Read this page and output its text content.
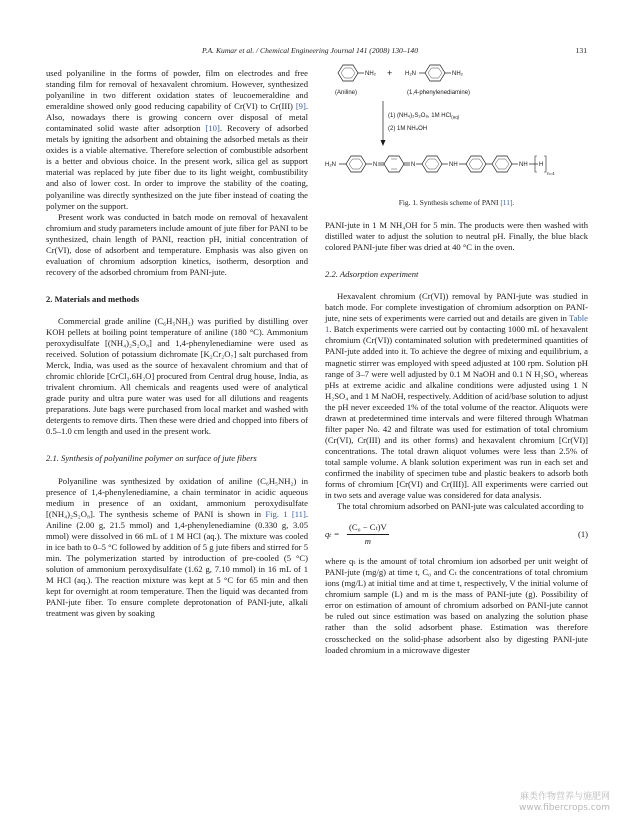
P.A. Kumar et al. / Chemical Engineering Journal 141 (2008) 130–140	131

used polyaniline in the forms of powder, film on electrodes and free standing film for removal of hexavalent chromium. However, synthesized polyaniline in two different oxidation states of leucoemeraldine and emeraldine showed only good reducing capability of Cr(VI) to Cr(III) [9]. Also, nowadays there is growing concern over disposal of metal contaminated solid waste after adsorption [10]. Recovery of adsorbed metals by igniting the adsorbent and obtaining the adsorbed metals as their oxides is a viable alternative. Therefore selection of combustible adsorbent is a better and obvious choice. In the present work, silica gel as support material was replaced by jute fiber due to its light weight, combustibility and also of lower cost. In order to improve the stability of the coating, polyaniline was directly synthesized on the jute fiber instead of coating the polymer on the support.

Present work was conducted in batch mode on removal of hexavalent chromium and study parameters include amount of jute fiber for PANI to be synthesized, chain length of PANI, reaction pH, initial concentration of Cr(VI), dose of adsorbent and temperature. Emphasis was also given on evaluation of chromium adsorption kinetics, isotherm, desorption and recovery of the adsorbed chromium from PANI-jute.

2. Materials and methods

Commercial grade aniline (C₆H₅NH₂) was purified by distilling over KOH pellets at boiling point temperature of aniline (180 °C). Ammonium peroxydisulfate [(NH₄)₂S₂O₈] and 1,4-phenylenediamine were used as received. Solution of potassium dichromate [K₂Cr₂O₇] salt purchased from Merck, India, was used as the source of hexavalent chromium and that of chromic chloride [CrCl₃.6H₂O] procured from Central drug house, India, as trivalent chromium. All chemicals and reagents used were of analytical grade purity and ultra pure water was used for all dilutions and reagents preparations. Jute bags were purchased from local market and washed with detergents to remove dirts. Then these were dried and chopped into fibers of 0.5–1.0 cm length and used in the present work.

2.1. Synthesis of polyaniline polymer on surface of jute fibers

Polyaniline was synthesized by oxidation of aniline (C₆H₅NH₂) in presence of 1,4-phenylenediamine, a chain terminator in acidic aqueous medium in presence of an oxidant, ammonium peroxydisulfate [(NH₄)₂S₂O₈]. The synthesis scheme of PANI is shown in Fig. 1 [11]. Aniline (2.00 g, 21.5 mmol) and 1,4-phenylenediamine (0.330 g, 3.05 mmol) were dissolved in 66 mL of 1 M HCl (aq.). The mixture was cooled in ice bath to 0–5 °C followed by addition of 5 g jute fibers and stirred for 5 min. The polymerization started by introduction of pre-cooled (5 °C) solution of ammonium peroxydisulfate (1.62 g, 7.10 mmol) in 16 mL of 1 M HCl (aq.). The reaction mixture was kept at 5 °C for 65 min and then kept for overnight at room temperature. Then the liquid was decanted from PANI-jute fiber. To ensure complete deprotonation of PANI-jute, alkali treatment was given by soaking

NH₂ + H₂N	NH₂
(Aniline)	(1,4-phenylenediamine)
(1) (NH₄)₂S₂O₈, 1M HCl$_{(aq)}$
(2) 1M NH₄OH
H₂N	N	N	NH	NH H
n=4
Fig. 1. Synthesis scheme of PANI [11].

PANI-jute in 1 M NH₄OH for 5 min. The products were then washed with distilled water to adjust the solution to neutral pH. Finally, the blue black colored PANI-jute fiber was dried at 40 °C in the oven.

2.2. Adsorption experiment

Hexavalent chromium (Cr(VI)) removal by PANI-jute was studied in batch mode. For complete investigation of chromium adsorption on PANI-jute, nine sets of experiments were carried out and details are given in Table 1. Batch experiments were carried out by contacting 1000 mL of hexavalent chromium (Cr(VI)) contaminated solution with predetermined quantities of PANI-jute added into it. To achieve the degree of mixing and equilibrium, a magnetic stirrer was employed with speed adjusted at 100 rpm. Solution pH range of 3–7 were well adjusted by 0.1 M NaOH and 0.1 N H₂SO₄ whereas pHs at extreme acidic and alkaline conditions were adjusted using 1 N H₂SO₄ and 1 M NaOH, respectively. Addition of acid/base solution to adjust the pH never exceeded 1% of the total volume of the reactor. Aliquots were drawn at predetermined time intervals and were filtered through Whatman filter paper No. 42 and filtrate was used for estimation of total chromium (Cr(VI), Cr(III) and its other forms) and hexavalent chromium [Cr(VI)] concentrations. The total drawn aliquot volumes were less than 2.5% of total sample volume. A blank solution experiment was run in each set and confirmed the inability of specimen tube and plastic beakers to adsorb both forms of chromium [Cr(VI) and Cr(III)]. All experiments were carried out in two sets and average value was considered for data analysis.

The total chromium adsorbed on PANI-jute was calculated according to

$q_t = \frac{\text{(C₀ − Cₜ)V}}{m}$	(1)

where qₜ is the amount of total chromium ion adsorbed per unit weight of PANI-jute (mg/g) at time t, C₀ and Cₜ the concentrations of total chromium ions (mg/L) at initial time and at time t, respectively, V the initial volume of chromium sample (L) and m is the mass of PANI-jute (g). Possibility of error on estimation of amount of chromium adsorbed on PANI-jute cannot be ruled out since estimation was based on analyzing the solution phase rather than the solid adsorbent phase. Estimation was therefore crosschecked on the solid-phase adsorbent also by digesting PANI-jute loaded chromium in a microwave digester

麻类作物营养与施肥网
www.fibercrops.com
